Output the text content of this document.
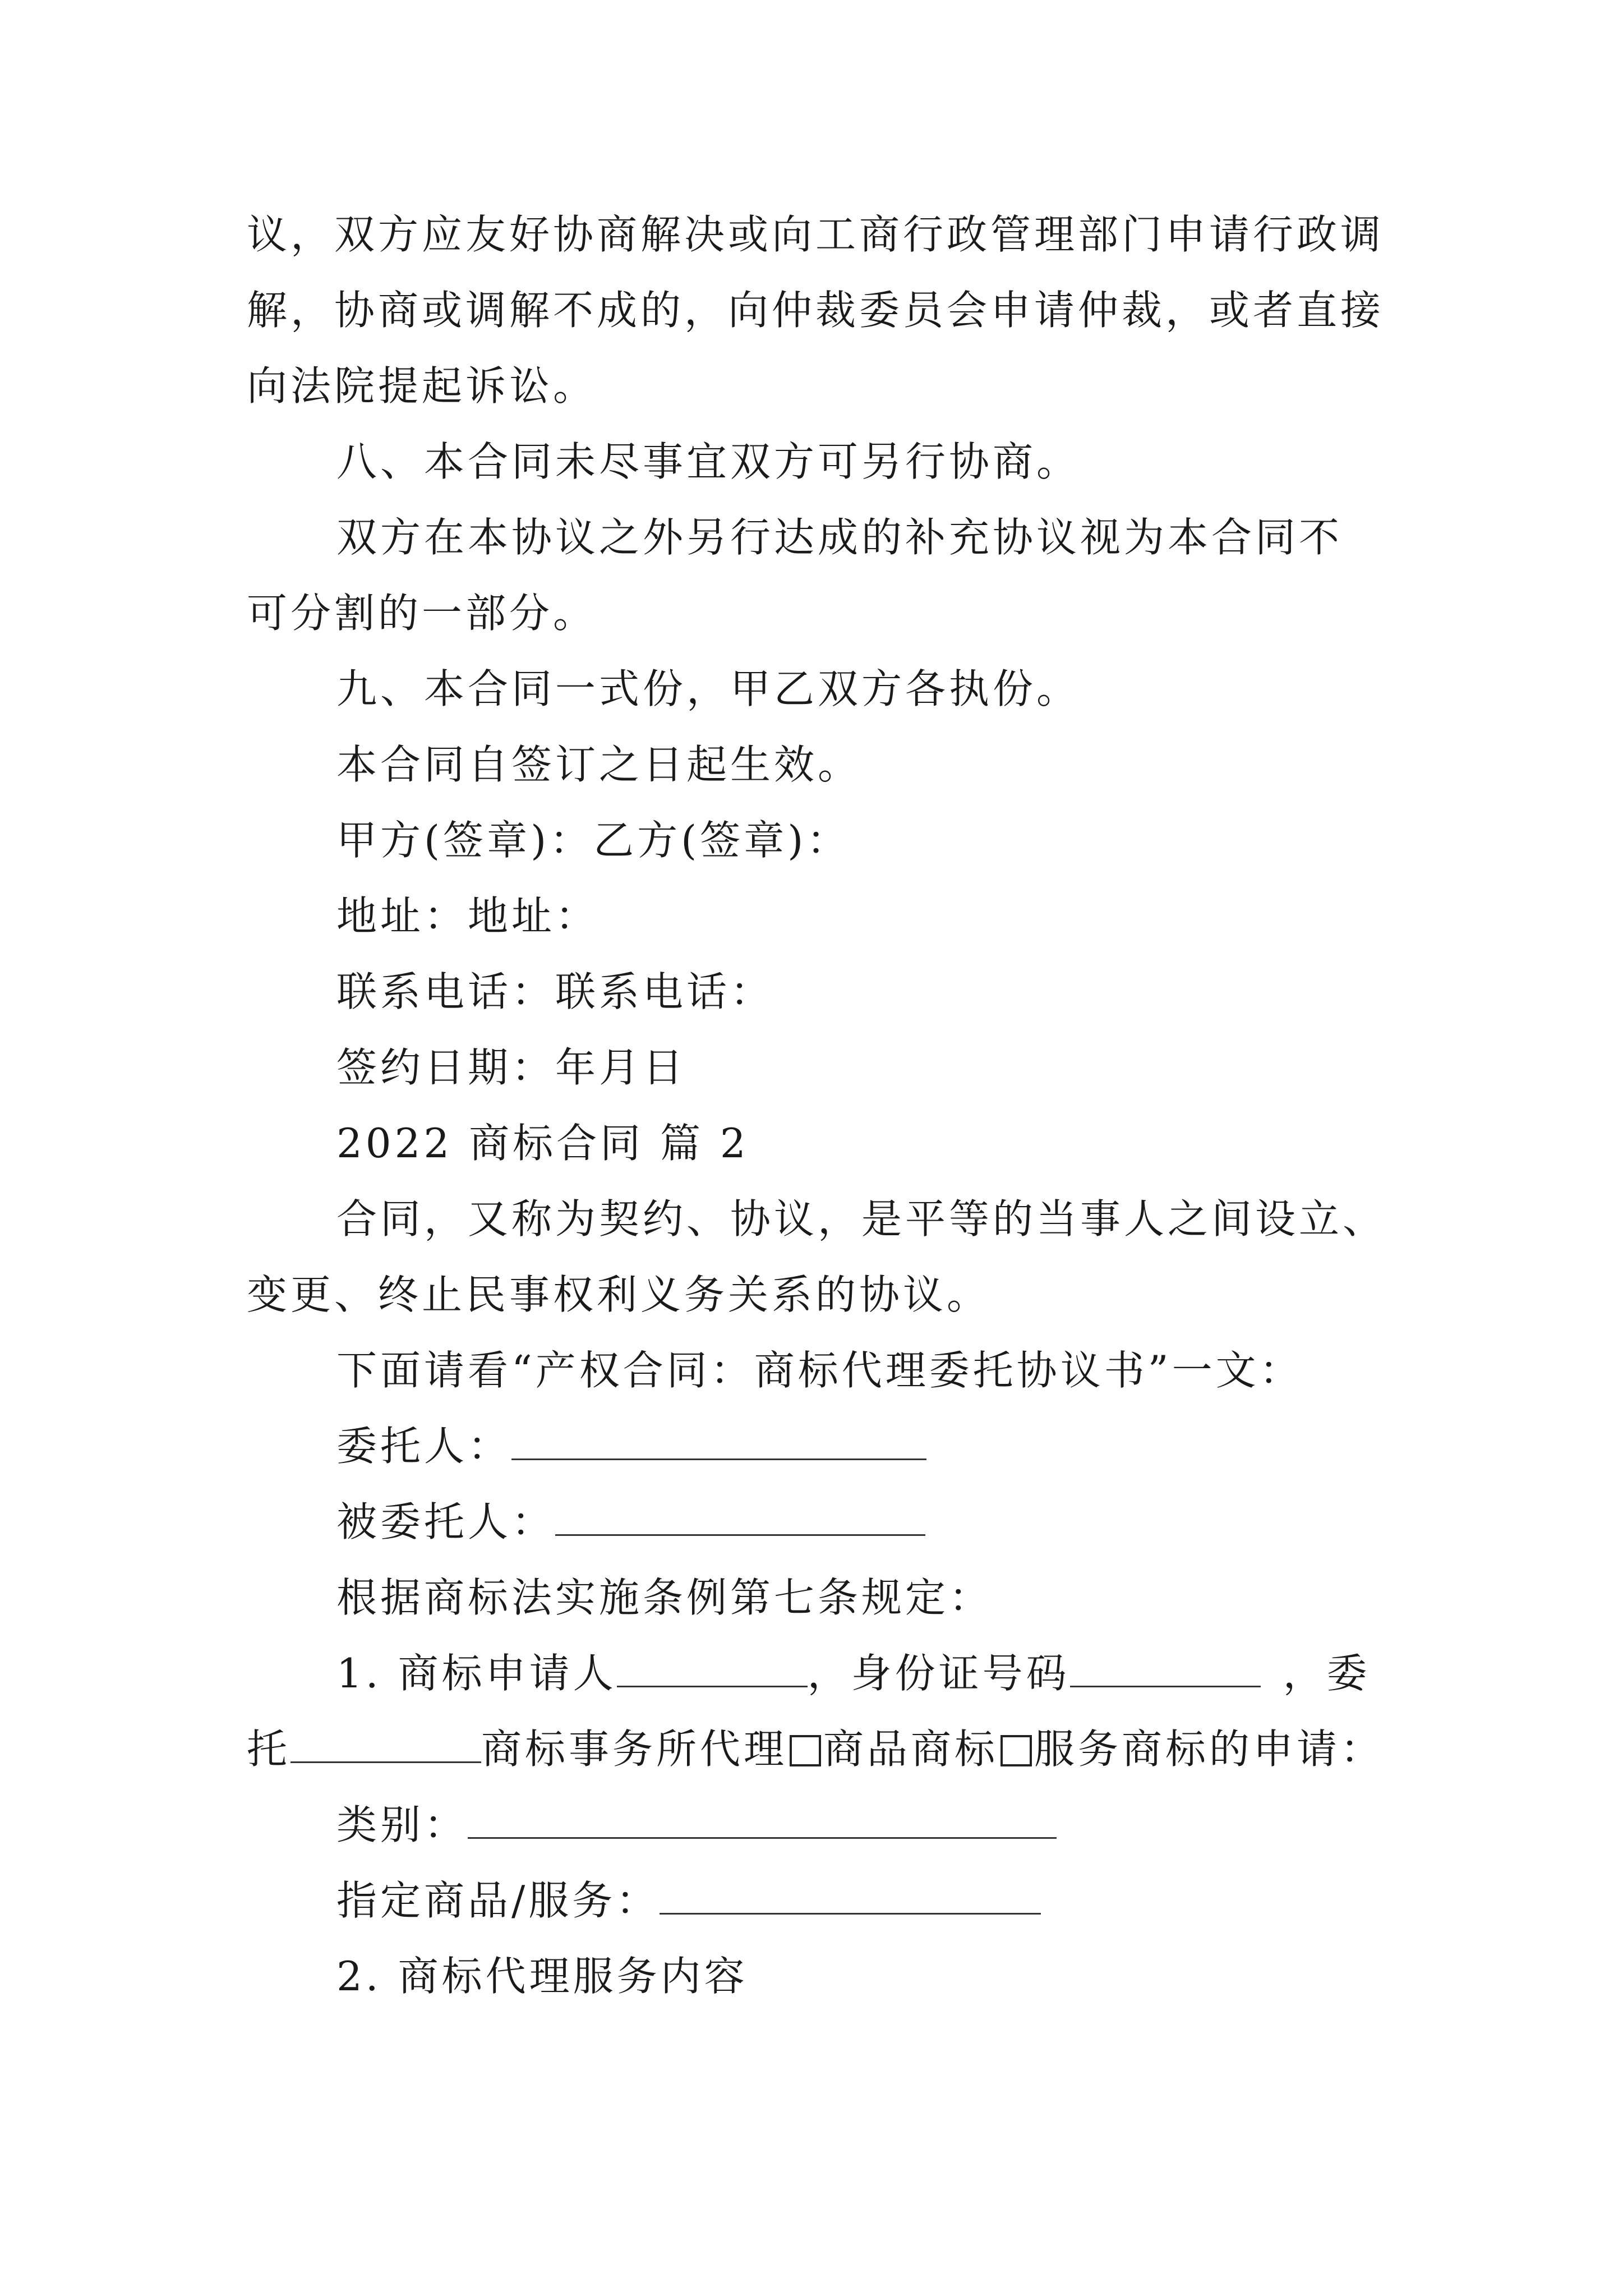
议，双方应友好协商解决或向工商行政管理部门申请行政调
解，协商或调解不成的，向仲裁委员会申请仲裁，或者直接
向法院提起诉讼。
八、本合同未尽事宜双方可另行协商。
双方在本协议之外另行达成的补充协议视为本合同不
可分割的一部分。
九、本合同一式份，甲乙双方各执份。
本合同自签订之日起生效。
甲方(签章)：乙方(签章)：
地址：地址：
联系电话：联系电话：
签约日期：年月日
2022 商标合同 篇 2
合同，又称为契约、协议，是平等的当事人之间设立、
变更、终止民事权利义务关系的协议。
下面请看“产权合同：商标代理委托协议书”一文：
委托人：
被委托人：
根据商标法实施条例第七条规定：
1. 商标申请人	，身份证号码	，委
托	商标事务所代理 商品商标 服务商标的申请：
类别：
指定商品/服务：
2. 商标代理服务内容
